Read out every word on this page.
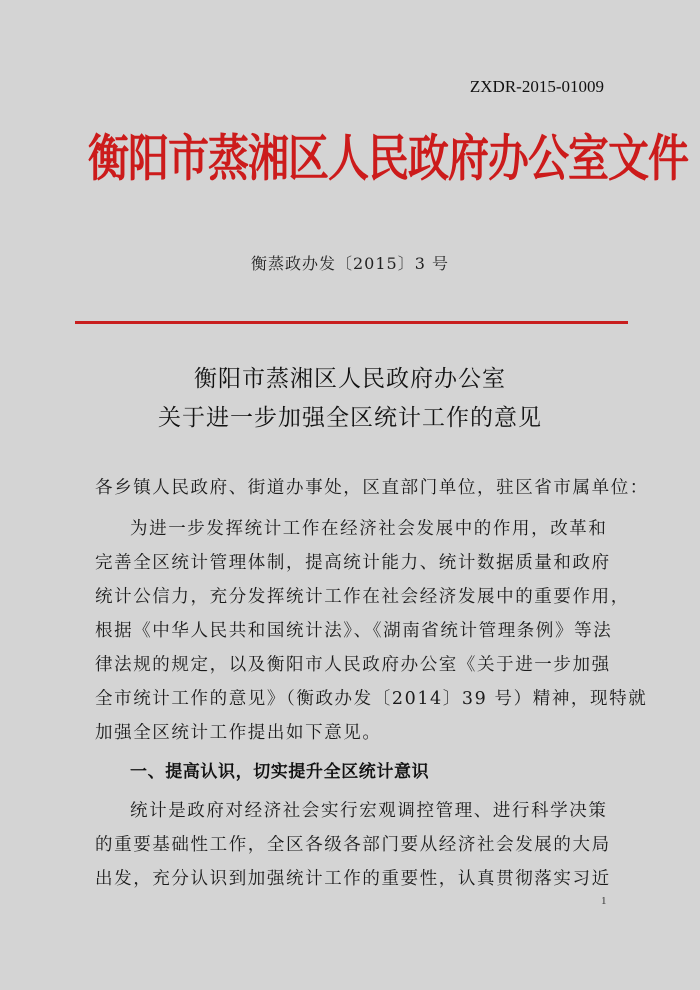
ZXDR-2015-01009
衡阳市蒸湘区人民政府办公室文件
衡蒸政办发〔2015〕3 号
衡阳市蒸湘区人民政府办公室
关于进一步加强全区统计工作的意见
各乡镇人民政府、街道办事处，区直部门单位，驻区省市属单位：
为进一步发挥统计工作在经济社会发展中的作用，改革和
完善全区统计管理体制，提高统计能力、统计数据质量和政府
统计公信力，充分发挥统计工作在社会经济发展中的重要作用，
根据《中华人民共和国统计法》、《湖南省统计管理条例》等法
律法规的规定，以及衡阳市人民政府办公室《关于进一步加强
全市统计工作的意见》（衡政办发〔2014〕39 号）精神，现特就
加强全区统计工作提出如下意见。
一、提高认识，切实提升全区统计意识
统计是政府对经济社会实行宏观调控管理、进行科学决策
的重要基础性工作，全区各级各部门要从经济社会发展的大局
出发，充分认识到加强统计工作的重要性，认真贯彻落实习近
1
